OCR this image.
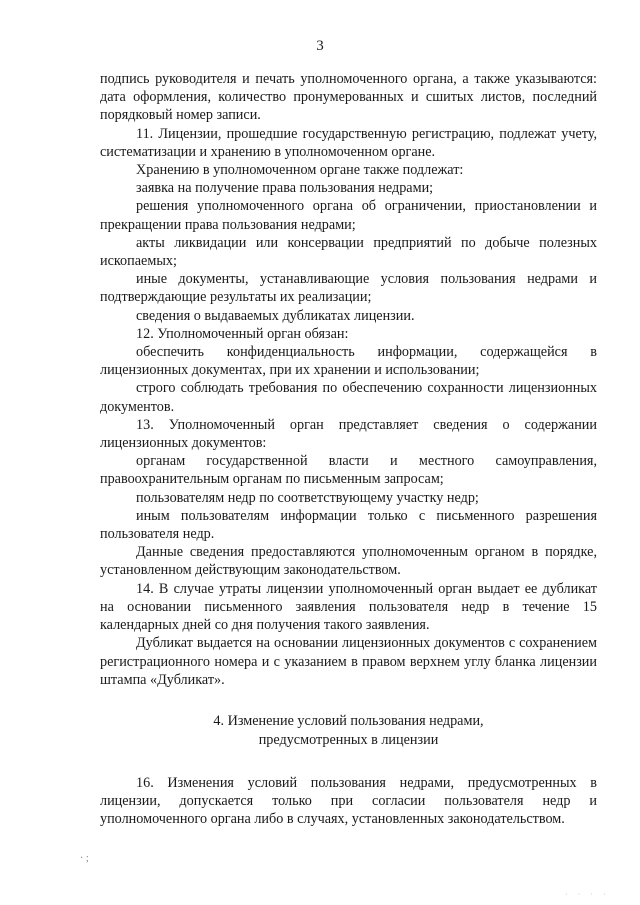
3

подпись руководителя и печать уполномоченного органа, а также указываются: дата оформления, количество пронумерованных и сшитых листов, последний порядковый номер записи.

11. Лицензии, прошедшие государственную регистрацию, подлежат учету, систематизации и хранению в уполномоченном органе.

Хранению в уполномоченном органе также подлежат:

заявка на получение права пользования недрами;

решения уполномоченного органа об ограничении, приостановлении и прекращении права пользования недрами;

акты ликвидации или консервации предприятий по добыче полезных ископаемых;

иные документы, устанавливающие условия пользования недрами и подтверждающие результаты их реализации;

сведения о выдаваемых дубликатах лицензии.

12. Уполномоченный орган обязан:

обеспечить конфиденциальность информации, содержащейся в лицензионных документах, при их хранении и использовании;

строго соблюдать требования по обеспечению сохранности лицензионных документов.

13. Уполномоченный орган представляет сведения о содержании лицензионных документов:

органам государственной власти и местного самоуправления, правоохранительным органам по письменным запросам;

пользователям недр по соответствующему участку недр;

иным пользователям информации только с письменного разрешения пользователя недр.

Данные сведения предоставляются уполномоченным органом в порядке, установленном действующим законодательством.

14. В случае утраты лицензии уполномоченный орган выдает ее дубликат на основании письменного заявления пользователя недр в течение 15 календарных дней со дня получения такого заявления.

Дубликат выдается на основании лицензионных документов с сохранением регистрационного номера и с указанием в правом верхнем углу бланка лицензии штампа «Дубликат».

4. Изменение условий пользования недрами,
предусмотренных в лицензии

16. Изменения условий пользования недрами, предусмотренных в лицензии, допускается только при согласии пользователя недр и уполномоченного органа либо в случаях, установленных законодательством.

· ;
· · · ·
